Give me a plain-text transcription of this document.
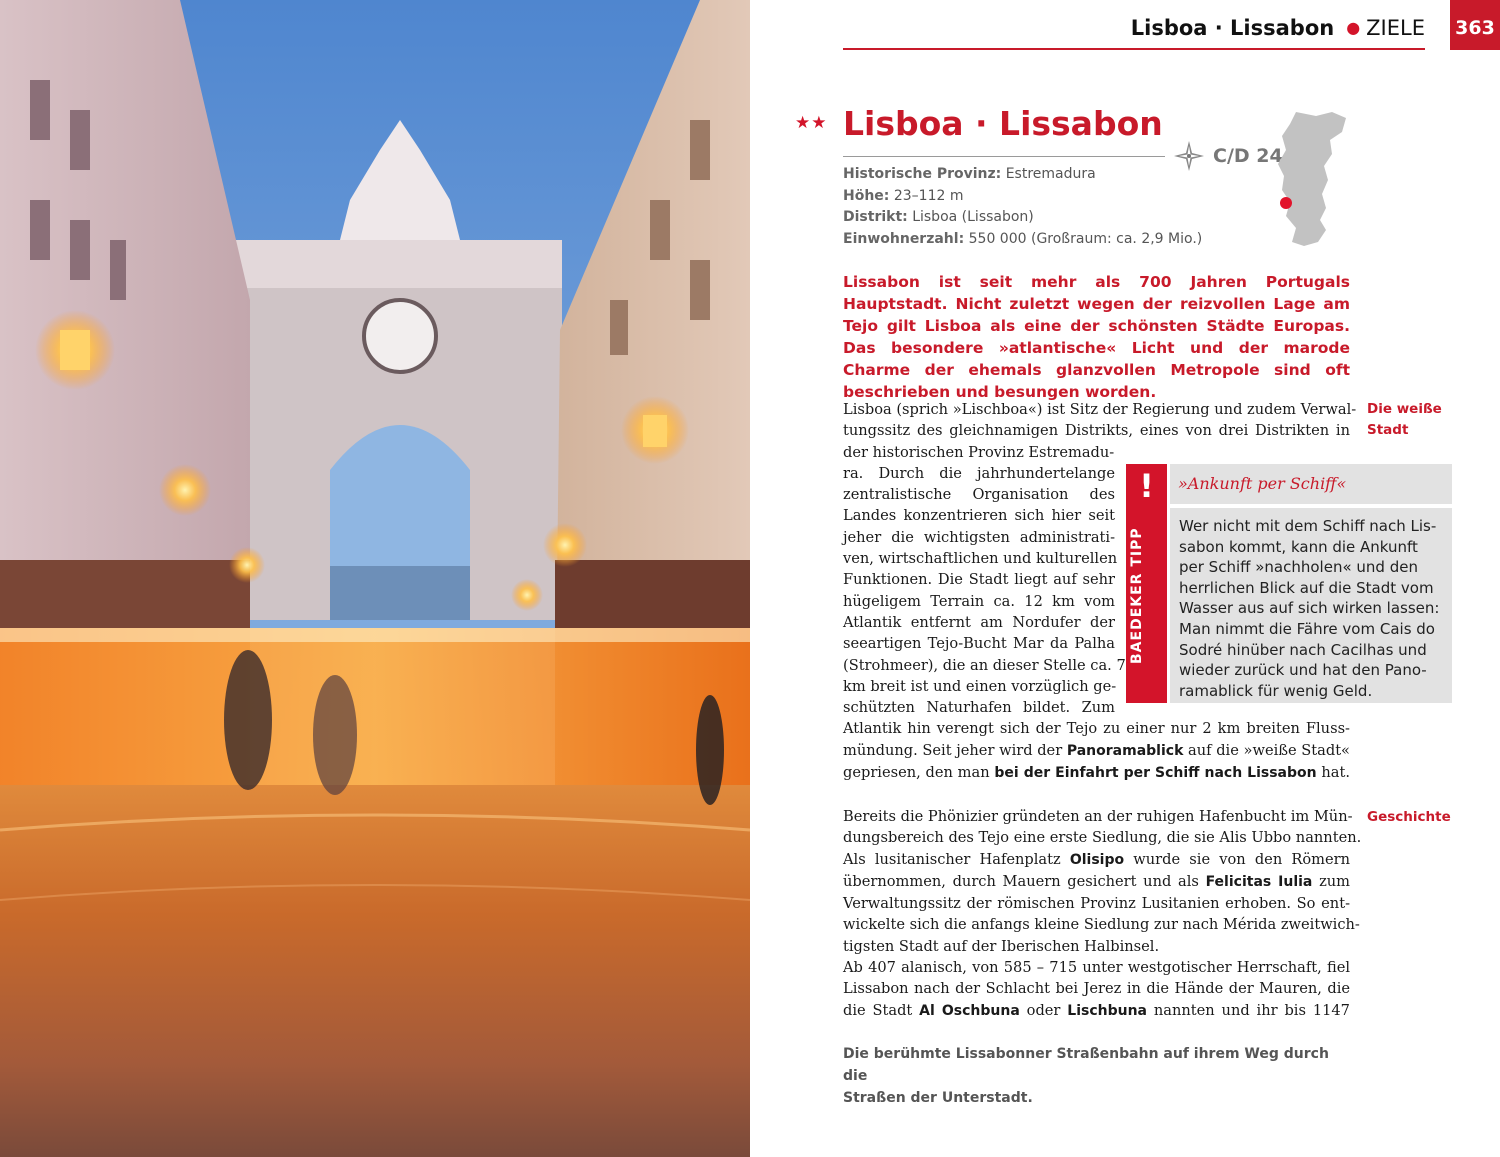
Lisboa · Lissabon ● ZIELE 363
★★ Lisboa · Lissabon
C/D 24
Historische Provinz: Estremadura
Höhe: 23–112 m
Distrikt: Lisboa (Lissabon)
Einwohnerzahl: 550 000 (Großraum: ca. 2,9 Mio.)
Lissabon ist seit mehr als 700 Jahren Portugals Hauptstadt. Nicht zuletzt wegen der reizvollen Lage am Tejo gilt Lisboa als eine der schönsten Städte Europas. Das besondere »atlantische« Licht und der marode Charme der ehemals glanzvollen Metropole sind oft beschrieben und besungen worden.
Lisboa (sprich »Lischboa«) ist Sitz der Regierung und zudem Verwal-
tungssitz des gleichnamigen Distrikts, eines von drei Distrikten in
der historischen Provinz Estremadu-
ra. Durch die jahrhundertelange
zentralistische Organisation des
Landes konzentrieren sich hier seit
jeher die wichtigsten administrati-
ven, wirtschaftlichen und kulturellen
Funktionen. Die Stadt liegt auf sehr
hügeligem Terrain ca. 12 km vom
Atlantik entfernt am Nordufer der
seeartigen Tejo-Bucht Mar da Palha
(Strohmeer), die an dieser Stelle ca. 7
km breit ist und einen vorzüglich ge-
schützten Naturhafen bildet. Zum
Atlantik hin verengt sich der Tejo zu einer nur 2 km breiten Fluss-
mündung. Seit jeher wird der Panoramablick auf die »weiße Stadt«
gepriesen, den man bei der Einfahrt per Schiff nach Lissabon hat.
Die weiße
Stadt
!
BAEDEKER TIPP
»Ankunft per Schiff«
Wer nicht mit dem Schiff nach Lis-
sabon kommt, kann die Ankunft
per Schiff »nachholen« und den
herrlichen Blick auf die Stadt vom
Wasser aus auf sich wirken lassen:
Man nimmt die Fähre vom Cais do
Sodré hinüber nach Cacilhas und
wieder zurück und hat den Pano-
ramablick für wenig Geld.
Bereits die Phönizier gründeten an der ruhigen Hafenbucht im Mün-
dungsbereich des Tejo eine erste Siedlung, die sie Alis Ubbo nannten.
Als lusitanischer Hafenplatz Olisipo wurde sie von den Römern
übernommen, durch Mauern gesichert und als Felicitas Iulia zum
Verwaltungssitz der römischen Provinz Lusitanien erhoben. So ent-
wickelte sich die anfangs kleine Siedlung zur nach Mérida zweitwich-
tigsten Stadt auf der Iberischen Halbinsel.
Ab 407 alanisch, von 585 – 715 unter westgotischer Herrschaft, fiel
Lissabon nach der Schlacht bei Jerez in die Hände der Mauren, die
die Stadt Al Oschbuna oder Lischbuna nannten und ihr bis 1147
Geschichte
Die berühmte Lissabonner Straßenbahn auf ihrem Weg durch die
Straßen der Unterstadt.
